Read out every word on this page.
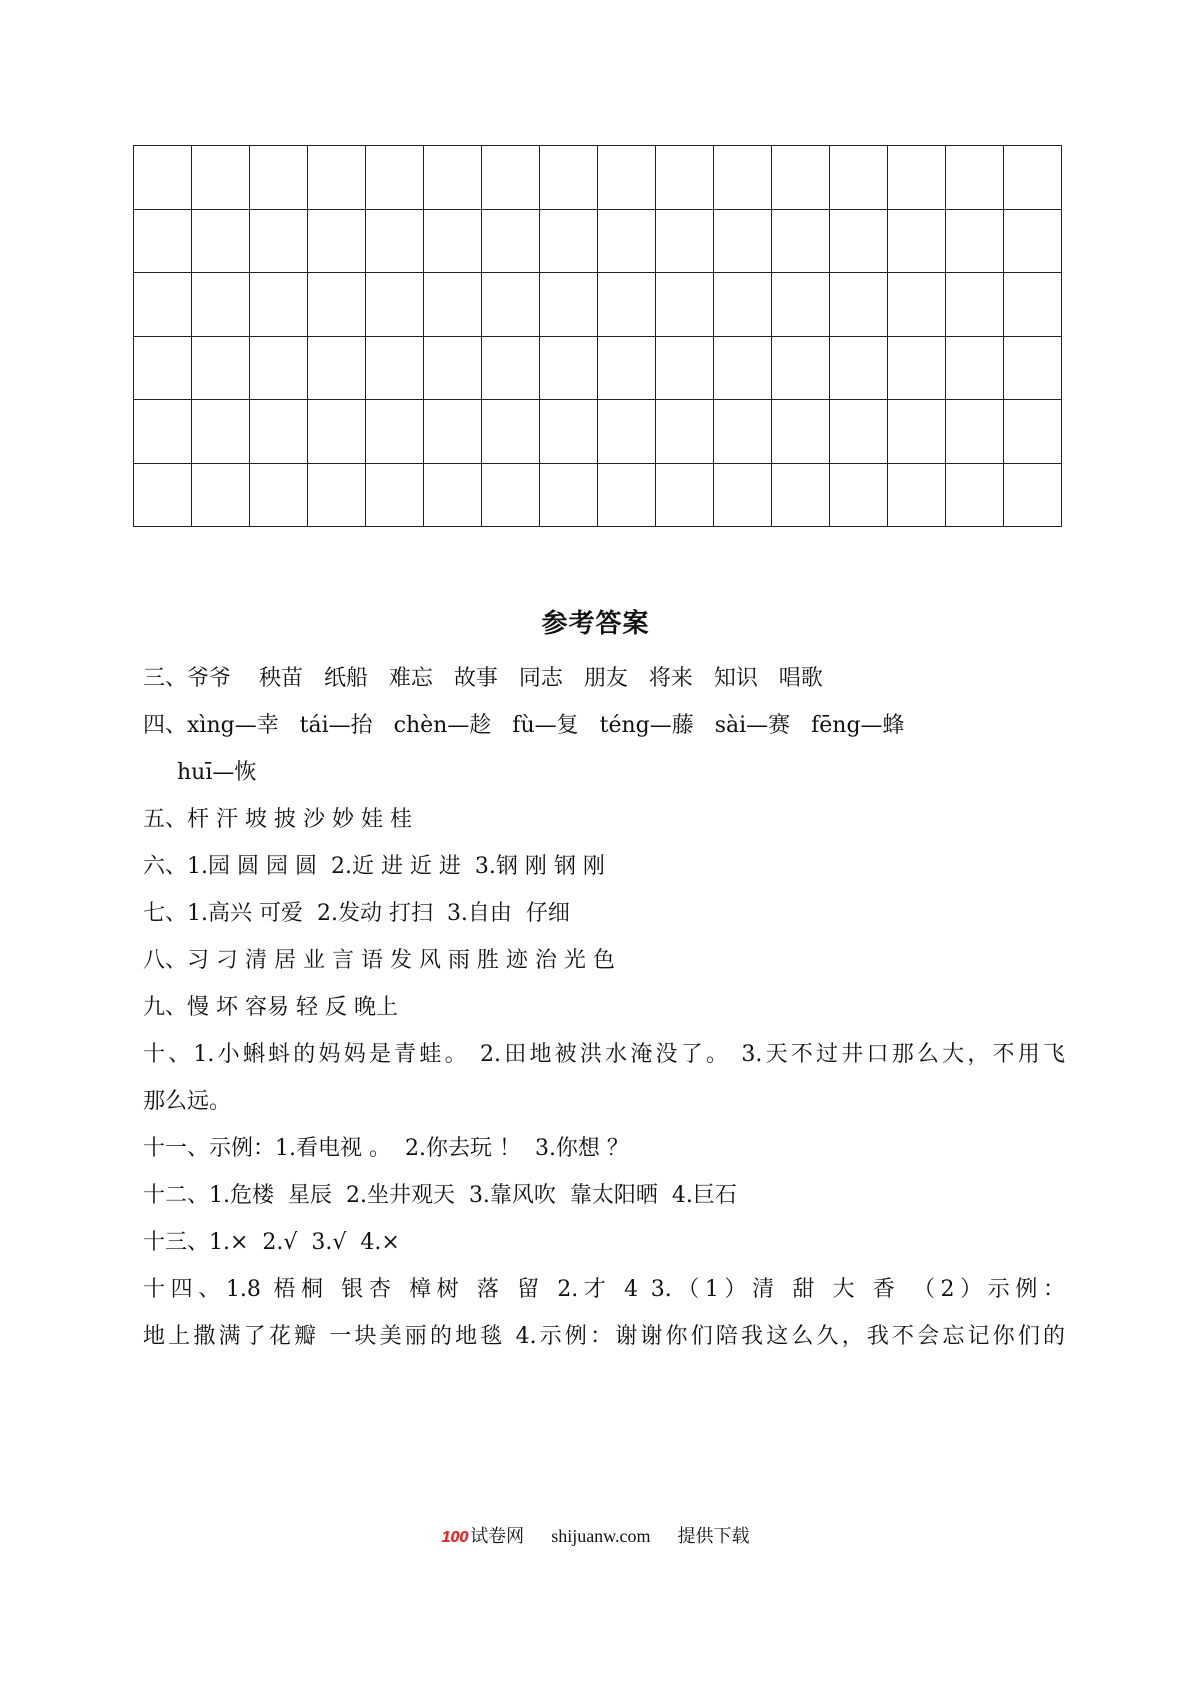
参考答案
三、爷爷    秧苗   纸船   难忘   故事   同志   朋友   将来   知识   唱歌
四、xìng—幸   tái—抬   chèn—趁   fù—复   téng—藤   sài—赛   fēng—蜂
huī—恢
五、杆 汗 坡 披 沙 妙 娃 桂
六、1.园 圆 园 圆  2.近 进 近 进  3.钢 刚 钢 刚
七、1.高兴 可爱  2.发动 打扫  3.自由  仔细
八、习 刁 清 居 业 言 语 发 风 雨 胜 迹 治 光 色
九、慢 坏 容易 轻 反 晚上
十、1.小蝌蚪的妈妈是青蛙。 2.田地被洪水淹没了。 3.天不过井口那么大，不用飞
那么远。
十一、示例：1.看电视 。  2.你去玩 ！  3.你想 ？
十二、1.危楼  星辰  2.坐井观天  3.靠风吹  靠太阳晒  4.巨石
十三、1.×  2.√  3.√  4.×
十四、1.8 梧桐 银杏 樟树 落 留 2.才 4 3.（1）清 甜 大 香 （2）示例：
地上撒满了花瓣 一块美丽的地毯 4.示例：谢谢你们陪我这么久，我不会忘记你们的
100 试卷网 shijuanw.com 提供下载
